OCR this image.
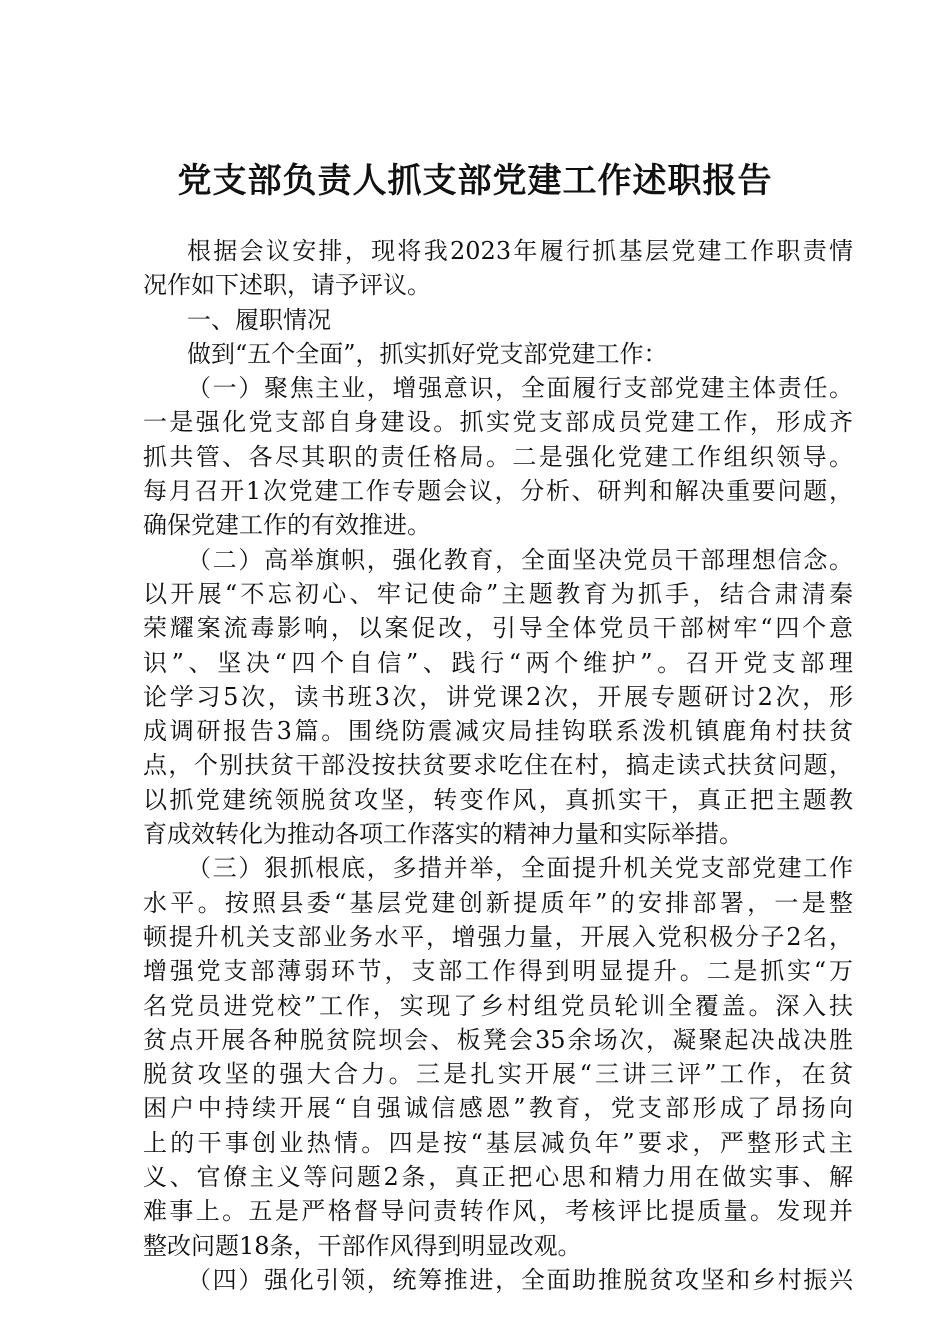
党支部负责人抓支部党建工作述职报告
根据会议安排，现将我2023年履行抓基层党建工作职责情
况作如下述职，请予评议。
一、履职情况
做到“五个全面”，抓实抓好党支部党建工作：
（一）聚焦主业，增强意识，全面履行支部党建主体责任。
一是强化党支部自身建设。抓实党支部成员党建工作，形成齐
抓共管、各尽其职的责任格局。二是强化党建工作组织领导。
每月召开1次党建工作专题会议，分析、研判和解决重要问题，
确保党建工作的有效推进。
（二）高举旗帜，强化教育，全面坚决党员干部理想信念。
以开展“不忘初心、牢记使命”主题教育为抓手，结合肃清秦
荣耀案流毒影响，以案促改，引导全体党员干部树牢“四个意
识”、坚决“四个自信”、践行“两个维护”。召开党支部理
论学习5次，读书班3次，讲党课2次，开展专题研讨2次，形
成调研报告3篇。围绕防震减灾局挂钩联系泼机镇鹿角村扶贫
点，个别扶贫干部没按扶贫要求吃住在村，搞走读式扶贫问题，
以抓党建统领脱贫攻坚，转变作风，真抓实干，真正把主题教
育成效转化为推动各项工作落实的精神力量和实际举措。
（三）狠抓根底，多措并举，全面提升机关党支部党建工作
水平。按照县委“基层党建创新提质年”的安排部署，一是整
顿提升机关支部业务水平，增强力量，开展入党积极分子2名，
增强党支部薄弱环节，支部工作得到明显提升。二是抓实“万
名党员进党校”工作，实现了乡村组党员轮训全覆盖。深入扶
贫点开展各种脱贫院坝会、板凳会35余场次，凝聚起决战决胜
脱贫攻坚的强大合力。三是扎实开展“三讲三评”工作，在贫
困户中持续开展“自强诚信感恩”教育，党支部形成了昂扬向
上的干事创业热情。四是按“基层减负年”要求，严整形式主
义、官僚主义等问题2条，真正把心思和精力用在做实事、解
难事上。五是严格督导问责转作风，考核评比提质量。发现并
整改问题18条，干部作风得到明显改观。
（四）强化引领，统筹推进，全面助推脱贫攻坚和乡村振兴
